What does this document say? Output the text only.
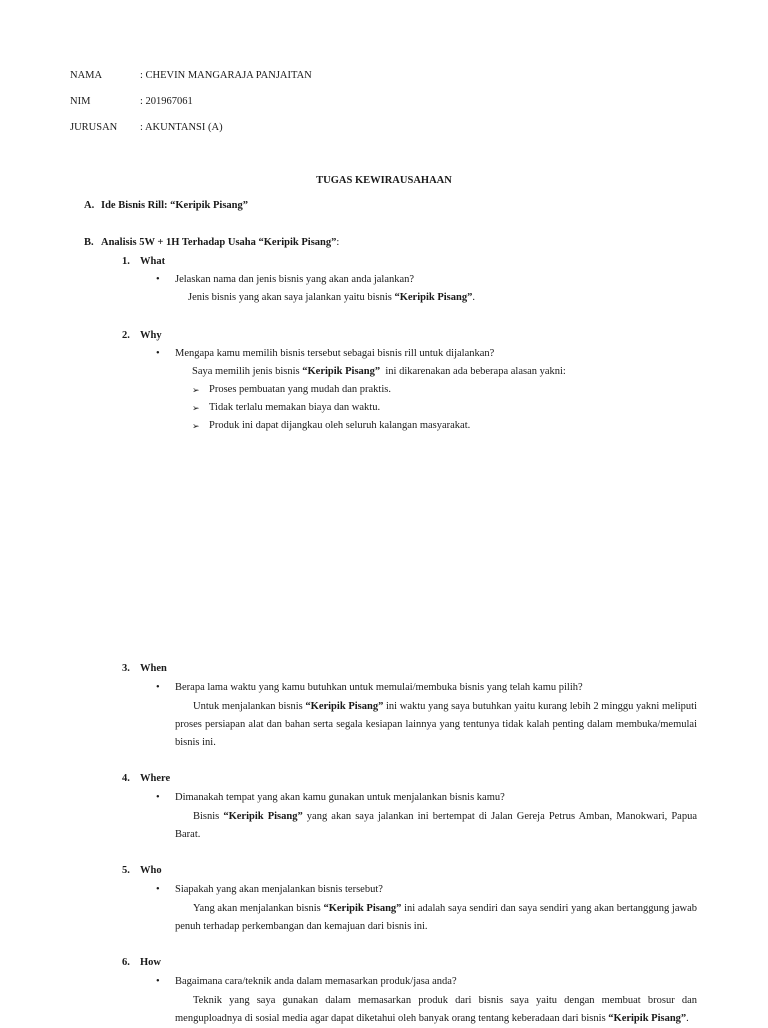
NAMA	: CHEVIN MANGARAJA PANJAITAN
NIM	: 201967061
JURUSAN : AKUNTANSI (A)
TUGAS KEWIRAUSAHAAN
A. Ide Bisnis Rill: “Keripik Pisang”
B. Analisis 5W + 1H Terhadap Usaha “Keripik Pisang”:
1. What
• Jelaskan nama dan jenis bisnis yang akan anda jalankan?
Jenis bisnis yang akan saya jalankan yaitu bisnis “Keripik Pisang”.
2. Why
• Mengapa kamu memilih bisnis tersebut sebagai bisnis rill untuk dijalankan?
Saya memilih jenis bisnis “Keripik Pisang”  ini dikarenakan ada beberapa alasan yakni:
➢ Proses pembuatan yang mudah dan praktis.
➢ Tidak terlalu memakan biaya dan waktu.
➢ Produk ini dapat dijangkau oleh seluruh kalangan masyarakat.
3. When
• Berapa lama waktu yang kamu butuhkan untuk memulai/membuka bisnis yang telah kamu pilih?
Untuk menjalankan bisnis “Keripik Pisang” ini waktu yang saya butuhkan yaitu kurang lebih 2 minggu yakni meliputi proses persiapan alat dan bahan serta segala kesiapan lainnya yang tentunya tidak kalah penting dalam membuka/memulai bisnis ini.
4. Where
• Dimanakah tempat yang akan kamu gunakan untuk menjalankan bisnis kamu?
Bisnis “Keripik Pisang” yang akan saya jalankan ini bertempat di Jalan Gereja Petrus Amban, Manokwari, Papua Barat.
5. Who
• Siapakah yang akan menjalankan bisnis tersebut?
Yang akan menjalankan bisnis “Keripik Pisang” ini adalah saya sendiri dan saya sendiri yang akan bertanggung jawab penuh terhadap perkembangan dan kemajuan dari bisnis ini.
6. How
• Bagaimana cara/teknik anda dalam memasarkan produk/jasa anda?
Teknik yang saya gunakan dalam memasarkan produk dari bisnis saya yaitu dengan membuat brosur dan menguploadnya di sosial media agar dapat diketahui oleh banyak orang tentang keberadaan dari bisnis “Keripik Pisang”.
